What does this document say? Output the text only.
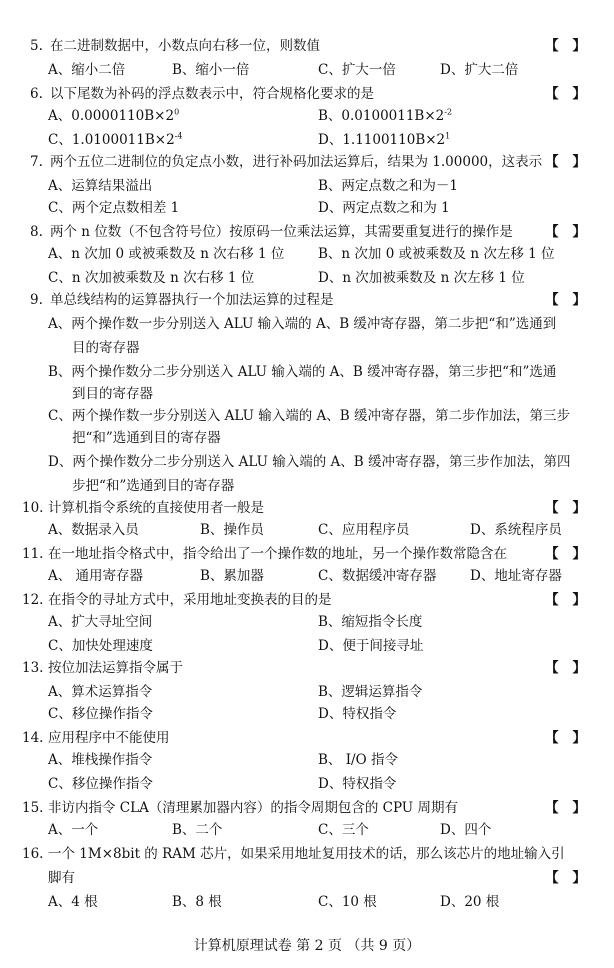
5. 在二进制数据中，小数点向右移一位，则数值	【】
A、缩小二倍	B、缩小一倍	C、扩大一倍	D、扩大二倍
6. 以下尾数为补码的浮点数表示中，符合规格化要求的是	【】
A、$0.0000110B\times 2^0$	B、$0.0100011B\times 2^{-2}$
C、$1.0100011B\times 2^{-4}$	D、$1.1100110B\times 2^1$
7. 两个五位二进制位的负定点小数，进行补码加法运算后，结果为 1.00000，这表示 【】
A、运算结果溢出	B、两定点数之和为－1
C、两个定点数相差 1	D、两定点数之和为 1
8. 两个 n 位数（不包含符号位）按原码一位乘法运算，其需要重复进行的操作是 【】
A、n 次加 0 或被乘数及 n 次右移 1 位 B、n 次加 0 或被乘数及 n 次左移 1 位
C、n 次加被乘数及 n 次右移 1 位	D、n 次加被乘数及 n 次左移 1 位
9. 单总线结构的运算器执行一个加法运算的过程是	【】
A、两个操作数一步分别送入 ALU 输入端的 A、B 缓冲寄存器，第二步把“和”选通到
目的寄存器
B、两个操作数分二步分别送入 ALU 输入端的 A、B 缓冲寄存器，第三步把“和”选通
到目的寄存器
C、两个操作数一步分别送入 ALU 输入端的 A、B 缓冲寄存器，第二步作加法，第三步
把“和”选通到目的寄存器
D、两个操作数分二步分别送入 ALU 输入端的 A、B 缓冲寄存器，第三步作加法，第四
步把“和”选通到目的寄存器
10. 计算机指令系统的直接使用者一般是	【】
A、数据录入员	B、操作员	C、应用程序员	D、系统程序员
11. 在一地址指令格式中，指令给出了一个操作数的地址，另一个操作数常隐含在	【】
A、 通用寄存器	B、累加器	C、数据缓冲寄存器 D、地址寄存器
12. 在指令的寻址方式中，采用地址变换表的目的是	【】
A、扩大寻址空间	B、缩短指令长度
C、加快处理速度	D、便于间接寻址
13. 按位加法运算指令属于	【】
A、算术运算指令	B、逻辑运算指令
C、移位操作指令	D、特权指令
14. 应用程序中不能使用	【】
A、堆栈操作指令	B、 I/O 指令
C、移位操作指令	D、特权指令
15. 非访内指令 CLA（清理累加器内容）的指令周期包含的 CPU 周期有	【】
A、一个	B、二个	C、三个	D、四个
16. 一个 1M×8bit 的 RAM 芯片，如果采用地址复用技术的话，那么该芯片的地址输入引
脚有	【】
A、4 根	B、8 根	C、10 根	D、20 根
计算机原理试卷 第 2 页 （共 9 页）
